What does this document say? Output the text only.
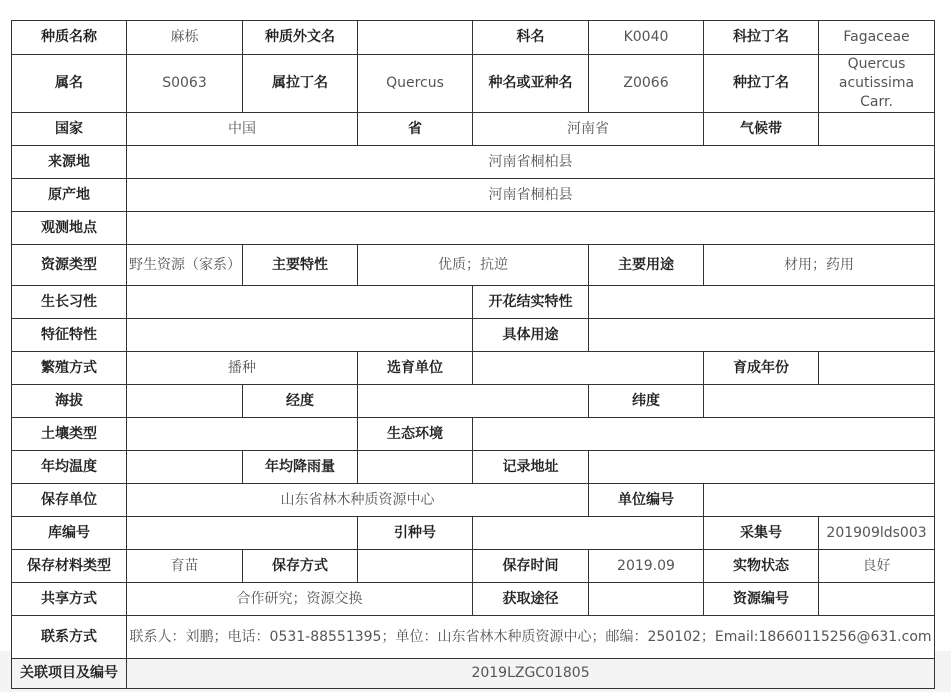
种质名称	麻栎	种质外文名		科名	K0040	科拉丁名	Fagaceae
属名	S0063	属拉丁名	Quercus	种名或亚种名	Z0066	种拉丁名	Quercus acutissima Carr.
国家	中国		省	河南省		气候带	
来源地	河南省桐柏县						
原产地	河南省桐柏县						
观测地点							
资源类型	野生资源（家系）	主要特性	优质；抗逆		主要用途	材用；药用	
生长习性				开花结实特性			
特征特性				具体用途			
繁殖方式	播种		选育单位			育成年份	
海拔		经度			纬度		
土壤类型			生态环境				
年均温度		年均降雨量		记录地址			
保存单位	山东省林木种质资源中心				单位编号		
库编号			引种号			采集号	201909lds003
保存材料类型	育苗	保存方式		保存时间	2019.09	实物状态	良好
共享方式	合作研究；资源交换			获取途径		资源编号	
联系方式	联系人：刘鹏；电话：0531-88551395；单位：山东省林木种质资源中心；邮编：250102；Email:18660115256@631.com						
关联项目及编号	2019LZGC01805						
